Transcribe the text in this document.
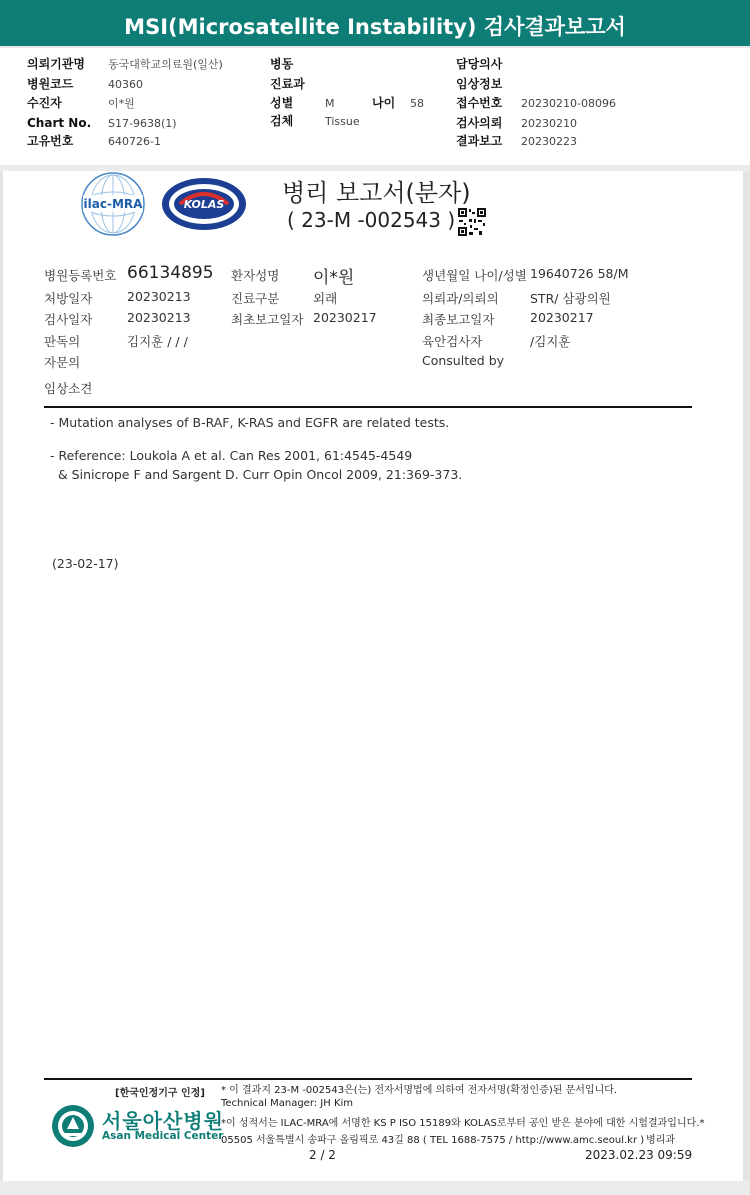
MSI(Microsatellite Instability) 검사결과보고서
의뢰기관명 동국대학교의료원(일산)
병원코드	40360
수진자	이*원
Chart No. S17-9638(1)
고유번호	640726-1
병동
진료과
성별	M	나이 58
검체	Tissue
담당의사
임상정보
접수번호 20230210-08096
검사의뢰 20230210
결과보고 20230223
ilac-MRA	KOLAS 병리 보고서(분자)
( 23-M -002543 )
병원등록번호 66134895 환자성명 이*원	생년월일 나이/성별 19640726 58/M
처방일자	20230213	진료구분	외래	의뢰과/의뢰의	STR/ 삼광의원
검사일자	20230213	최초보고일자 20230217	최종보고일자	20230217
판독의	김지훈 / / /	육안검사자	/김지훈
자문의	Consulted by
임상소견
- Mutation analyses of B-RAF, K-RAS and EGFR are related tests.
- Reference: Loukola A et al. Can Res 2001, 61:4545-4549
& Sinicrope F and Sargent D. Curr Opin Oncol 2009, 21:369-373.
(23-02-17)
[한국인정기구 인정] * 이 결과지 23-M -002543은(는) 전자서명법에 의하여 전자서명(확정인증)된 문서입니다.
Technical Manager: JH Kim
*이 성적서는 ILAC-MRA에 서명한 KS P ISO 15189와 KOLAS로부터 공인 받은 분야에 대한 시험결과입니다.*
05505 서울특별시 송파구 올림픽로 43길 88 ( TEL 1688-7575 / http://www.amc.seoul.kr ) 병리과
서울아산병원
Asan Medical Center
2 / 2	2023.02.23 09:59
